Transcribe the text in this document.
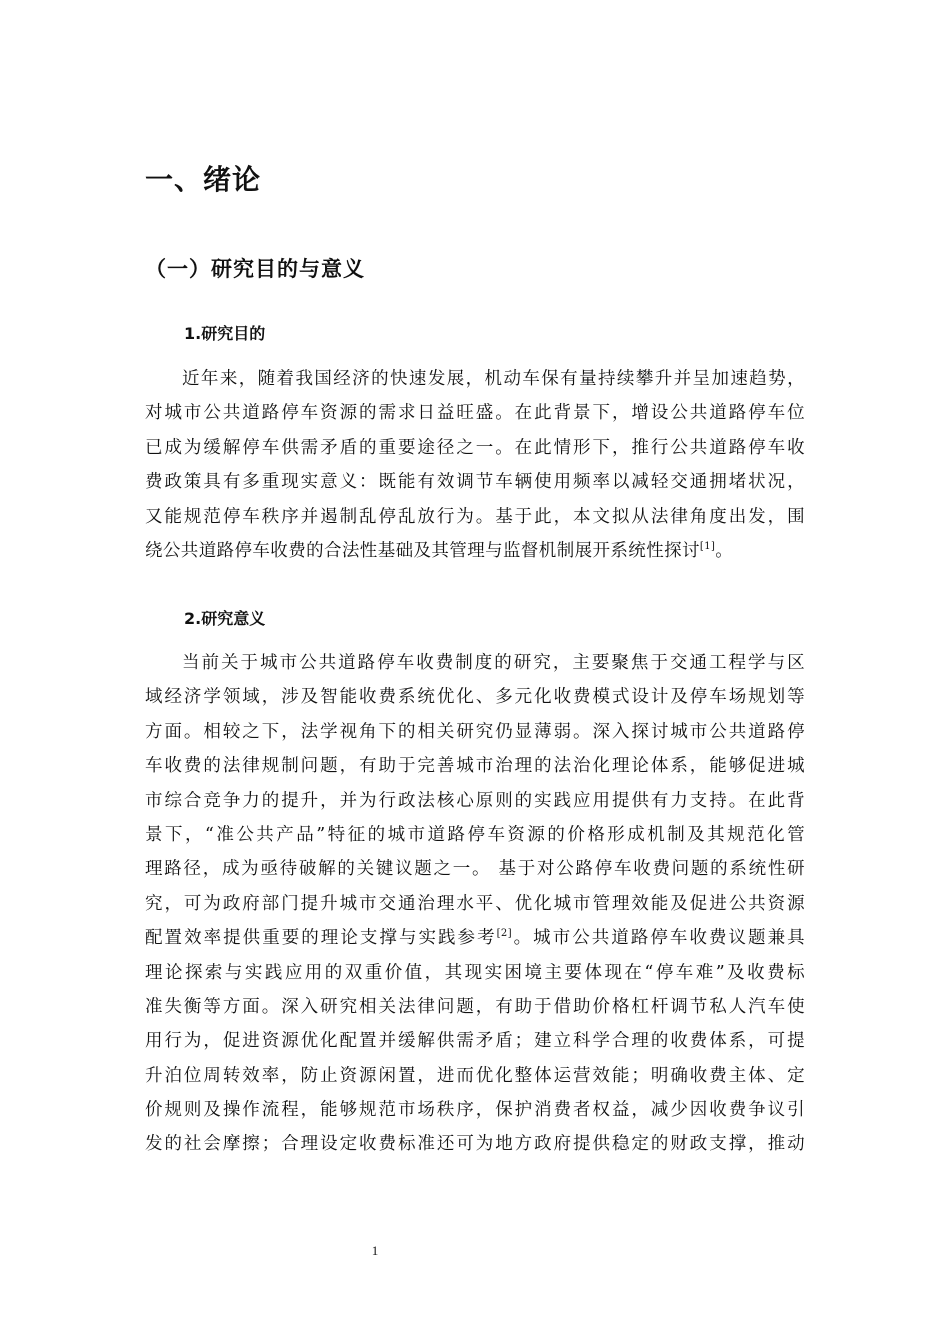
一、绪论
（一）研究目的与意义
1.研究目的
近年来，随着我国经济的快速发展，机动车保有量持续攀升并呈加速趋势，
对城市公共道路停车资源的需求日益旺盛。在此背景下，增设公共道路停车位
已成为缓解停车供需矛盾的重要途径之一。在此情形下，推行公共道路停车收
费政策具有多重现实意义：既能有效调节车辆使用频率以减轻交通拥堵状况，
又能规范停车秩序并遏制乱停乱放行为。基于此，本文拟从法律角度出发，围
绕公共道路停车收费的合法性基础及其管理与监督机制展开系统性探讨[1]。
2.研究意义
当前关于城市公共道路停车收费制度的研究，主要聚焦于交通工程学与区
域经济学领域，涉及智能收费系统优化、多元化收费模式设计及停车场规划等
方面。相较之下，法学视角下的相关研究仍显薄弱。深入探讨城市公共道路停
车收费的法律规制问题，有助于完善城市治理的法治化理论体系，能够促进城
市综合竞争力的提升，并为行政法核心原则的实践应用提供有力支持。在此背
景下，“准公共产品”特征的城市道路停车资源的价格形成机制及其规范化管
理路径，成为亟待破解的关键议题之一。 基于对公路停车收费问题的系统性研
究，可为政府部门提升城市交通治理水平、优化城市管理效能及促进公共资源
配置效率提供重要的理论支撑与实践参考[2]。城市公共道路停车收费议题兼具
理论探索与实践应用的双重价值，其现实困境主要体现在“停车难”及收费标
准失衡等方面。深入研究相关法律问题，有助于借助价格杠杆调节私人汽车使
用行为，促进资源优化配置并缓解供需矛盾；建立科学合理的收费体系，可提
升泊位周转效率，防止资源闲置，进而优化整体运营效能；明确收费主体、定
价规则及操作流程，能够规范市场秩序，保护消费者权益，减少因收费争议引
发的社会摩擦；合理设定收费标准还可为地方政府提供稳定的财政支撑，推动
1
